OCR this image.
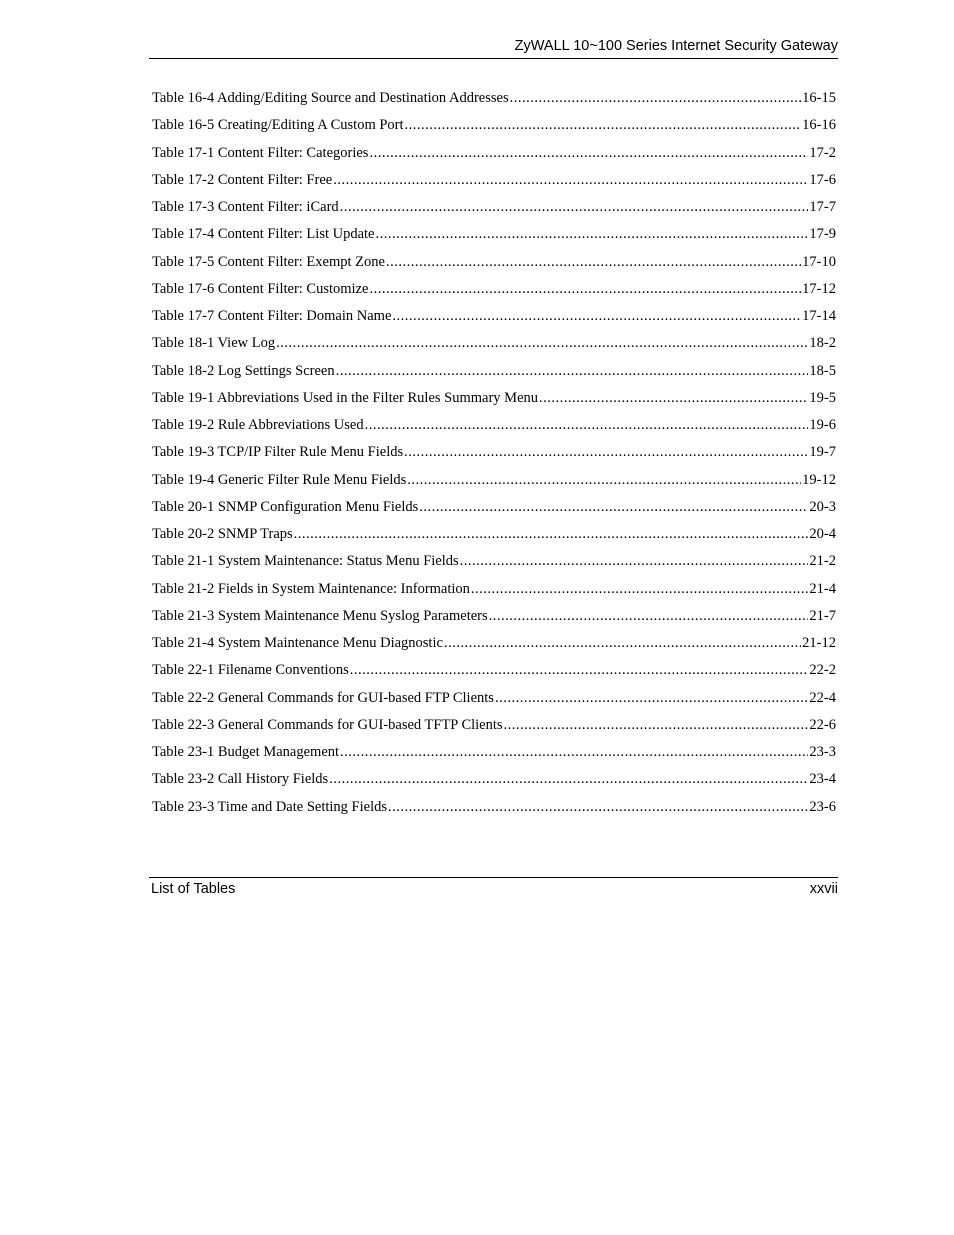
ZyWALL 10~100 Series Internet Security Gateway
Table 16-4 Adding/Editing Source and Destination Addresses .....	16-15
Table 16-5 Creating/Editing A Custom Port .....	16-16
Table 17-1 Content Filter: Categories .....	17-2
Table 17-2 Content Filter: Free .....	17-6
Table 17-3 Content Filter: iCard .....	17-7
Table 17-4 Content Filter: List Update .....	17-9
Table 17-5 Content Filter: Exempt Zone .....	17-10
Table 17-6 Content Filter: Customize .....	17-12
Table 17-7 Content Filter: Domain Name .....	17-14
Table 18-1 View Log .....	18-2
Table 18-2 Log Settings Screen .....	18-5
Table 19-1 Abbreviations Used in the Filter Rules Summary Menu .....	19-5
Table 19-2 Rule Abbreviations Used .....	19-6
Table 19-3 TCP/IP Filter Rule Menu Fields .....	19-7
Table 19-4 Generic Filter Rule Menu Fields .....	19-12
Table 20-1 SNMP Configuration Menu Fields .....	20-3
Table 20-2 SNMP Traps .....	20-4
Table 21-1 System Maintenance: Status Menu Fields .....	21-2
Table 21-2 Fields in System Maintenance: Information .....	21-4
Table 21-3 System Maintenance Menu Syslog Parameters .....	21-7
Table 21-4 System Maintenance Menu Diagnostic .....	21-12
Table 22-1 Filename Conventions .....	22-2
Table 22-2 General Commands for GUI-based FTP Clients .....	22-4
Table 22-3 General Commands for GUI-based TFTP Clients .....	22-6
Table 23-1 Budget Management .....	23-3
Table 23-2 Call History Fields .....	23-4
Table 23-3 Time and Date Setting Fields .....	23-6
List of Tables	xxvii
